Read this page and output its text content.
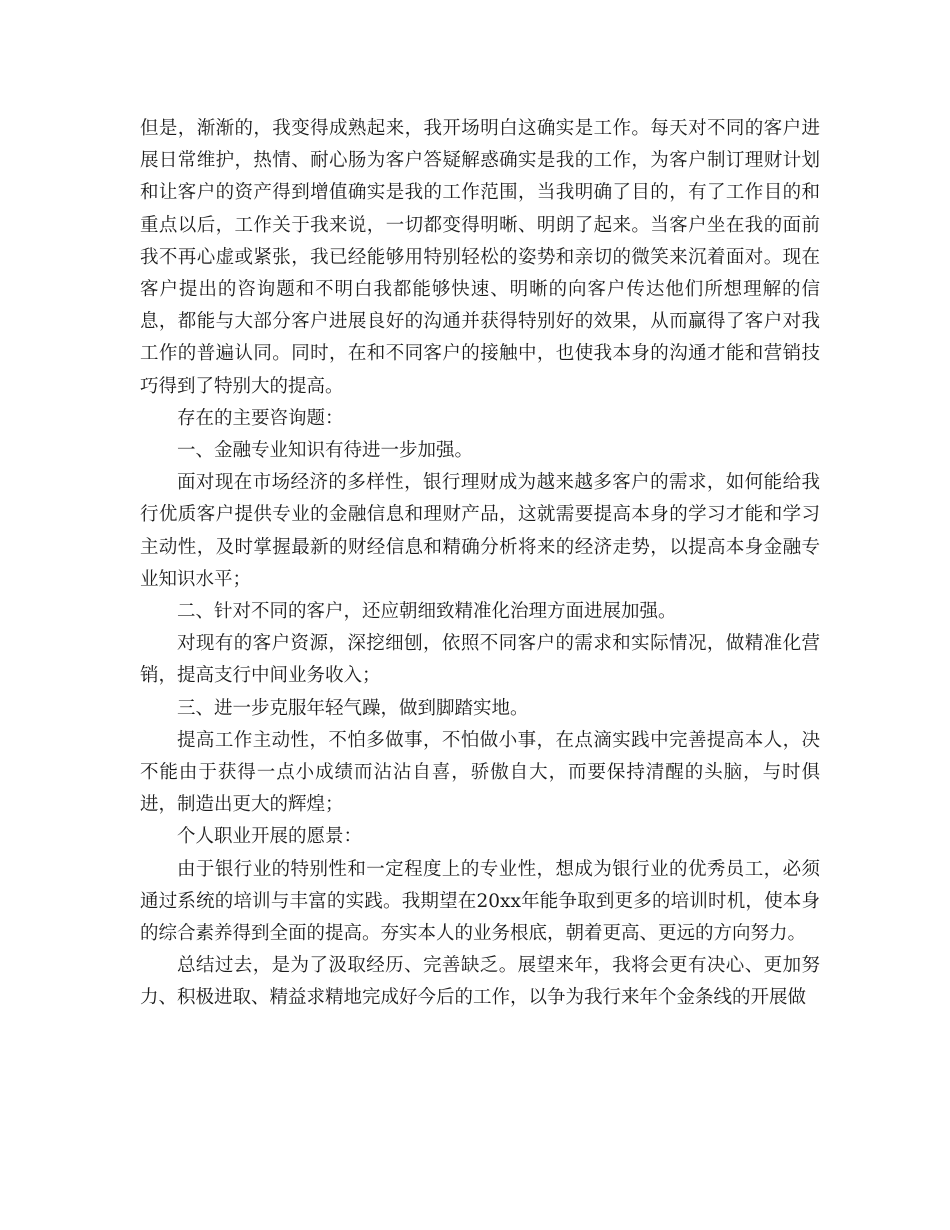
但是，渐渐的，我变得成熟起来，我开场明白这确实是工作。每天对不同的客户进展日常维护，热情、耐心肠为客户答疑解惑确实是我的工作，为客户制订理财计划和让客户的资产得到增值确实是我的工作范围，当我明确了目的，有了工作目的和重点以后，工作关于我来说，一切都变得明晰、明朗了起来。当客户坐在我的面前我不再心虚或紧张，我已经能够用特别轻松的姿势和亲切的微笑来沉着面对。现在客户提出的咨询题和不明白我都能够快速、明晰的向客户传达他们所想理解的信息，都能与大部分客户进展良好的沟通并获得特别好的效果，从而赢得了客户对我工作的普遍认同。同时，在和不同客户的接触中，也使我本身的沟通才能和营销技巧得到了特别大的提高。

存在的主要咨询题：

一、金融专业知识有待进一步加强。

面对现在市场经济的多样性，银行理财成为越来越多客户的需求，如何能给我行优质客户提供专业的金融信息和理财产品，这就需要提高本身的学习才能和学习主动性，及时掌握最新的财经信息和精确分析将来的经济走势，以提高本身金融专业知识水平；

二、针对不同的客户，还应朝细致精准化治理方面进展加强。

对现有的客户资源，深挖细刨，依照不同客户的需求和实际情况，做精准化营销，提高支行中间业务收入；

三、进一步克服年轻气躁，做到脚踏实地。

提高工作主动性，不怕多做事，不怕做小事，在点滴实践中完善提高本人，决不能由于获得一点小成绩而沾沾自喜，骄傲自大，而要保持清醒的头脑，与时俱进，制造出更大的辉煌；

个人职业开展的愿景：

由于银行业的特别性和一定程度上的专业性，想成为银行业的优秀员工，必须通过系统的培训与丰富的实践。我期望在20xx年能争取到更多的培训时机，使本身的综合素养得到全面的提高。夯实本人的业务根底，朝着更高、更远的方向努力。

总结过去，是为了汲取经历、完善缺乏。展望来年，我将会更有决心、更加努力、积极进取、精益求精地完成好今后的工作，以争为我行来年个金条线的开展做
